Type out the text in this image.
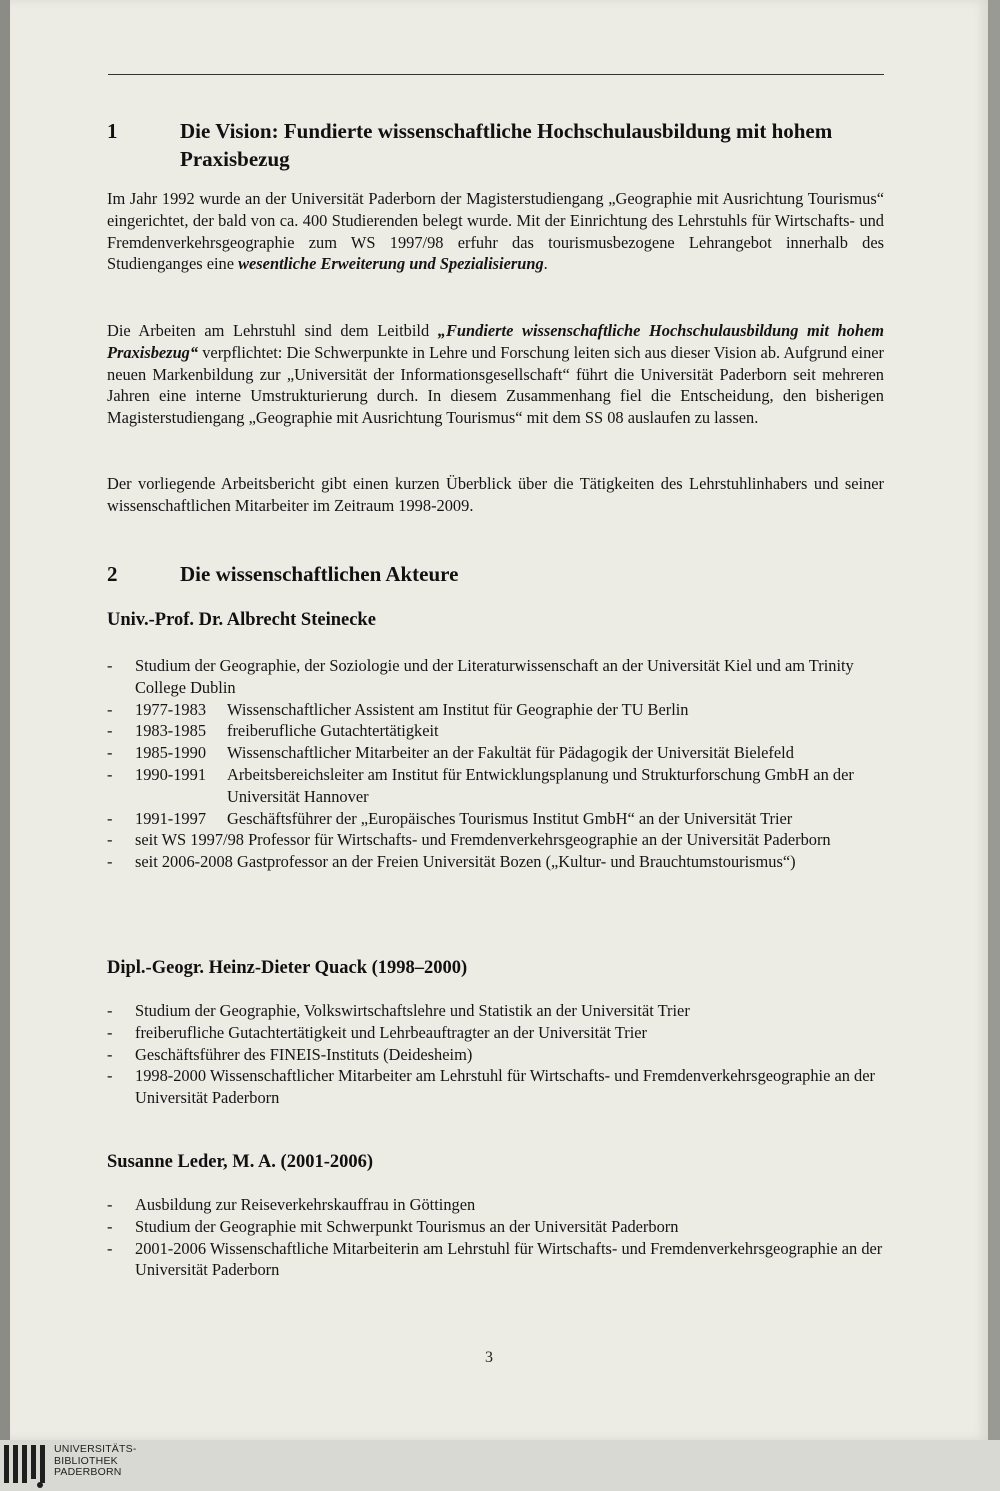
1	Die Vision: Fundierte wissenschaftliche Hochschulausbildung mit hohem Praxisbezug

Im Jahr 1992 wurde an der Universität Paderborn der Magisterstudiengang „Geographie mit Ausrichtung Tourismus“ eingerichtet, der bald von ca. 400 Studierenden belegt wurde. Mit der Einrichtung des Lehrstuhls für Wirtschafts- und Fremdenverkehrsgeographie zum WS 1997/98 erfuhr das tourismusbezogene Lehrangebot innerhalb des Studienganges eine wesentliche Erweiterung und Spezialisierung.

Die Arbeiten am Lehrstuhl sind dem Leitbild „Fundierte wissenschaftliche Hochschulausbildung mit hohem Praxisbezug“ verpflichtet: Die Schwerpunkte in Lehre und Forschung leiten sich aus dieser Vision ab. Aufgrund einer neuen Markenbildung zur „Universität der Informationsgesellschaft“ führt die Universität Paderborn seit mehreren Jahren eine interne Umstrukturierung durch. In diesem Zusammenhang fiel die Entscheidung, den bisherigen Magisterstudiengang „Geographie mit Ausrichtung Tourismus“ mit dem SS 08 auslaufen zu lassen.

Der vorliegende Arbeitsbericht gibt einen kurzen Überblick über die Tätigkeiten des Lehrstuhlinhabers und seiner wissenschaftlichen Mitarbeiter im Zeitraum 1998-2009.

2	Die wissenschaftlichen Akteure
Univ.-Prof. Dr. Albrecht Steinecke
- Studium der Geographie, der Soziologie und der Literaturwissenschaft an der Universität Kiel und am Trinity College Dublin
- 1977-1983	Wissenschaftlicher Assistent am Institut für Geographie der TU Berlin
- 1983-1985	freiberufliche Gutachtertätigkeit
- 1985-1990	Wissenschaftlicher Mitarbeiter an der Fakultät für Pädagogik der Universität Bielefeld
- 1990-1991	Arbeitsbereichsleiter am Institut für Entwicklungsplanung und Strukturforschung GmbH an der Universität Hannover
- 1991-1997	Geschäftsführer der „Europäisches Tourismus Institut GmbH“ an der Universität Trier
- seit WS 1997/98 Professor für Wirtschafts- und Fremdenverkehrsgeographie an der Universität Paderborn
- seit 2006-2008 Gastprofessor an der Freien Universität Bozen („Kultur- und Brauchtumstourismus“)
Dipl.-Geogr. Heinz-Dieter Quack (1998–2000)
- Studium der Geographie, Volkswirtschaftslehre und Statistik an der Universität Trier
- freiberufliche Gutachtertätigkeit und Lehrbeauftragter an der Universität Trier
- Geschäftsführer des FINEIS-Instituts (Deidesheim)
- 1998-2000 Wissenschaftlicher Mitarbeiter am Lehrstuhl für Wirtschafts- und Fremdenverkehrsgeographie an der Universität Paderborn
Susanne Leder, M. A. (2001-2006)
- Ausbildung zur Reiseverkehrskauffrau in Göttingen
- Studium der Geographie mit Schwerpunkt Tourismus an der Universität Paderborn
- 2001-2006 Wissenschaftliche Mitarbeiterin am Lehrstuhl für Wirtschafts- und Fremdenverkehrsgeographie an der Universität Paderborn
3
UNIVERSITÄTS-
BIBLIOTHEK
PADERBORN
